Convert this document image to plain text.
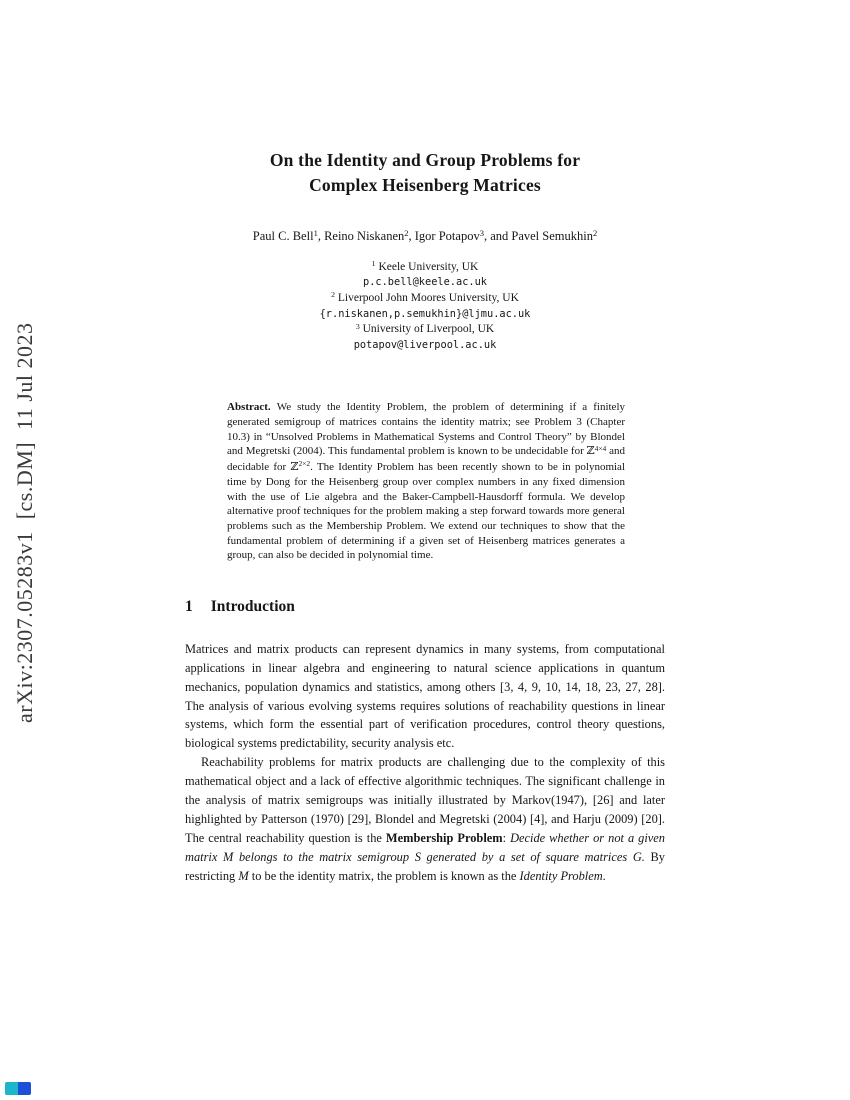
arXiv:2307.05283v1  [cs.DM]  11 Jul 2023
On the Identity and Group Problems for
Complex Heisenberg Matrices
Paul C. Bell$^1$, Reino Niskanen$^2$, Igor Potapov$^3$, and Pavel Semukhin$^2$
$^1$ Keele University, UK
p.c.bell@keele.ac.uk
$^2$ Liverpool John Moores University, UK
{r.niskanen,p.semukhin}@ljmu.ac.uk
$^3$ University of Liverpool, UK
potapov@liverpool.ac.uk
Abstract. We study the Identity Problem, the problem of determining if a finitely generated semigroup of matrices contains the identity matrix; see Problem 3 (Chapter 10.3) in “Unsolved Problems in Mathematical Systems and Control Theory” by Blondel and Megretski (2004). This fundamental problem is known to be undecidable for ℤ$^{4\times 4}$ and decidable for ℤ$^{2\times 2}$. The Identity Problem has been recently shown to be in polynomial time by Dong for the Heisenberg group over complex numbers in any fixed dimension with the use of Lie algebra and the Baker-Campbell-Hausdorff formula. We develop alternative proof techniques for the problem making a step forward towards more general problems such as the Membership Problem. We extend our techniques to show that the fundamental problem of determining if a given set of Heisenberg matrices generates a group, can also be decided in polynomial time.
1 Introduction

Matrices and matrix products can represent dynamics in many systems, from computational applications in linear algebra and engineering to natural science applications in quantum mechanics, population dynamics and statistics, among others [3, 4, 9, 10, 14, 18, 23, 27, 28]. The analysis of various evolving systems requires solutions of reachability questions in linear systems, which form the essential part of verification procedures, control theory questions, biological systems predictability, security analysis etc.

Reachability problems for matrix products are challenging due to the complexity of this mathematical object and a lack of effective algorithmic techniques. The significant challenge in the analysis of matrix semigroups was initially illustrated by Markov(1947), [26] and later highlighted by Patterson (1970) [29], Blondel and Megretski (2004) [4], and Harju (2009) [20]. The central reachability question is the Membership Problem: Decide whether or not a given matrix M belongs to the matrix semigroup S generated by a set of square matrices G. By restricting M to be the identity matrix, the problem is known as the Identity Problem.
